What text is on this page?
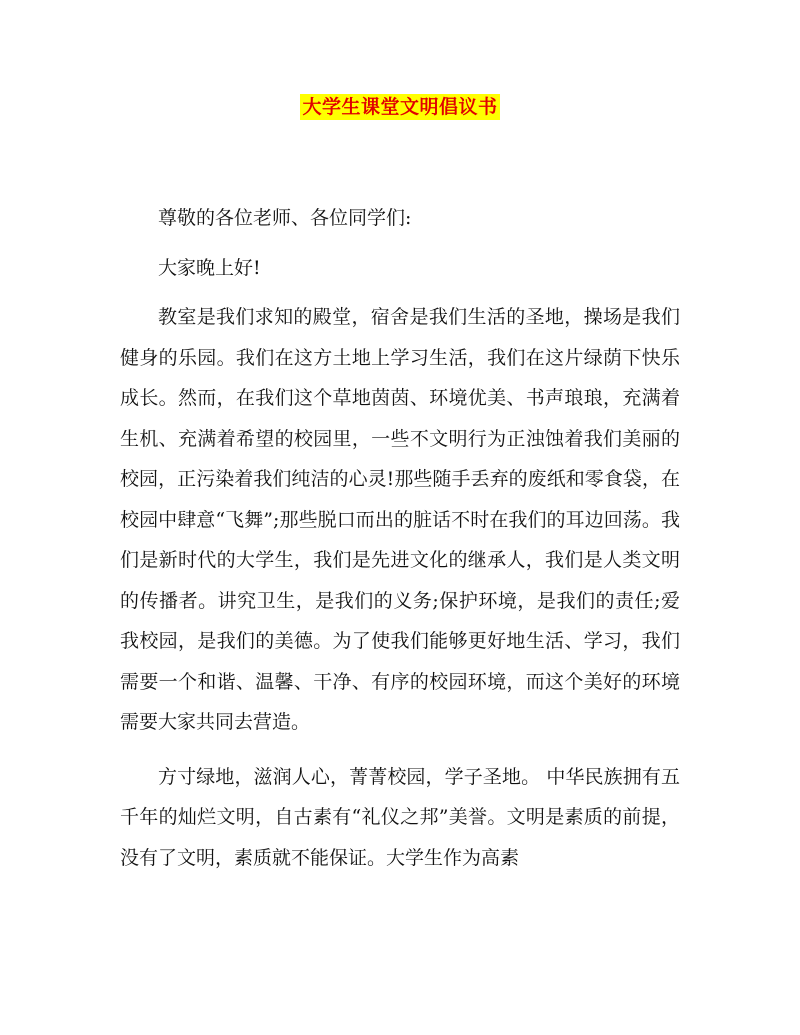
大学生课堂文明倡议书

尊敬的各位老师、各位同学们:

大家晚上好!

教室是我们求知的殿堂，宿舍是我们生活的圣地，操场是我们健身的乐园。我们在这方土地上学习生活，我们在这片绿荫下快乐成长。然而，在我们这个草地茵茵、环境优美、书声琅琅，充满着生机、充满着希望的校园里，一些不文明行为正浊蚀着我们美丽的校园，正污染着我们纯洁的心灵!那些随手丢弃的废纸和零食袋，在校园中肆意“飞舞”;那些脱口而出的脏话不时在我们的耳边回荡。我们是新时代的大学生，我们是先进文化的继承人，我们是人类文明的传播者。讲究卫生，是我们的义务;保护环境，是我们的责任;爱我校园，是我们的美德。为了使我们能够更好地生活、学习，我们需要一个和谐、温馨、干净、有序的校园环境，而这个美好的环境需要大家共同去营造。

方寸绿地，滋润人心，菁菁校园，学子圣地。 中华民族拥有五千年的灿烂文明，自古素有“礼仪之邦”美誉。文明是素质的前提，没有了文明，素质就不能保证。大学生作为高素
